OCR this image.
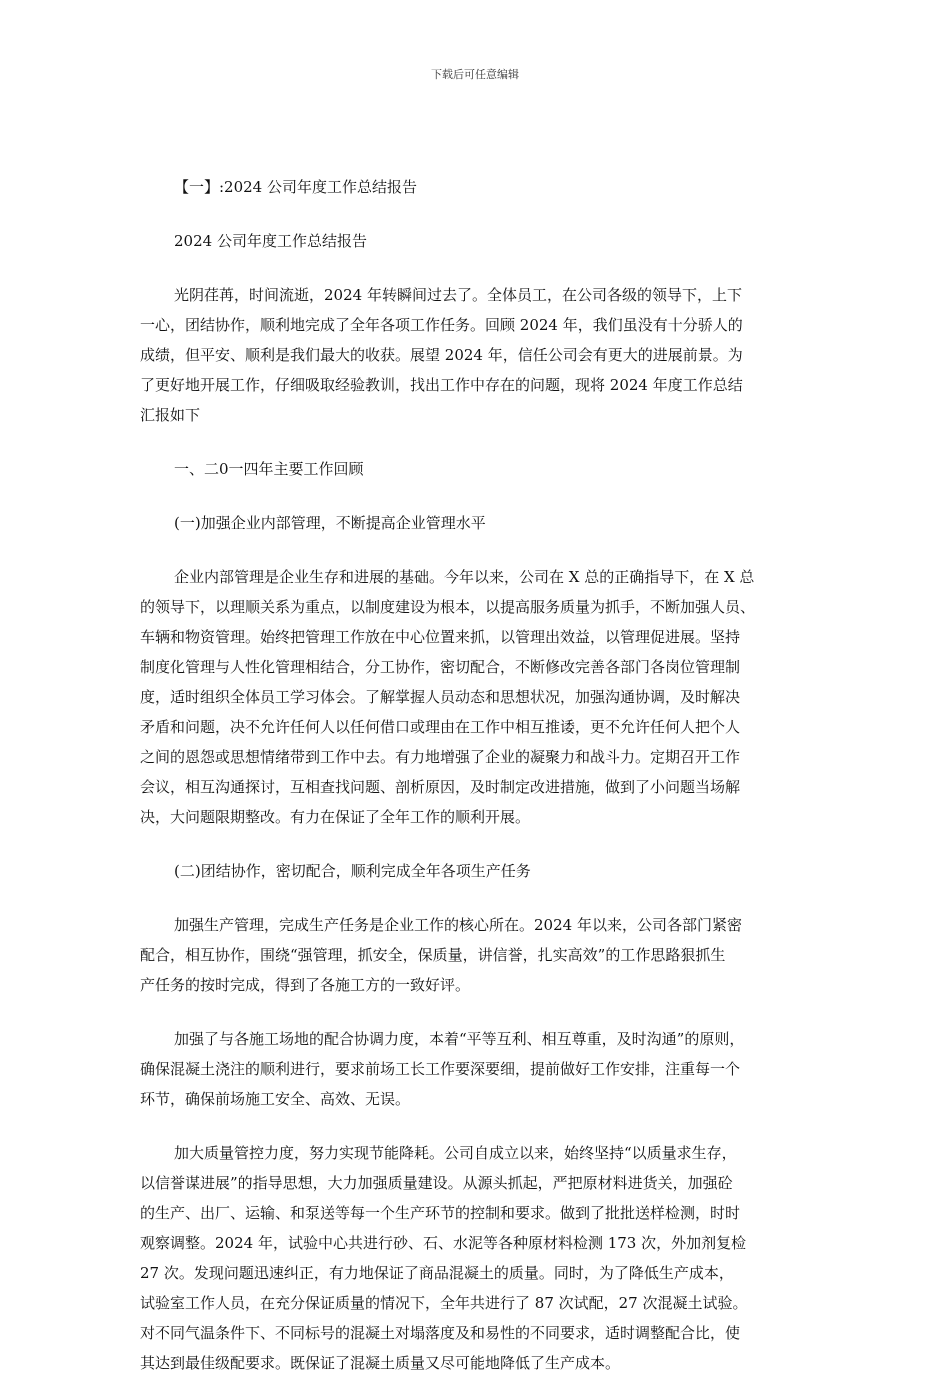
下载后可任意编辑
【一】:2024 公司年度工作总结报告
2024 公司年度工作总结报告
光阴荏苒，时间流逝，2024 年转瞬间过去了。全体员工，在公司各级的领导下，上下
一心，团结协作，顺利地完成了全年各项工作任务。回顾 2024 年，我们虽没有十分骄人的
成绩，但平安、顺利是我们最大的收获。展望 2024 年，信任公司会有更大的进展前景。为
了更好地开展工作，仔细吸取经验教训，找出工作中存在的问题，现将 2024 年度工作总结
汇报如下
一、二0一四年主要工作回顾
(一)加强企业内部管理，不断提高企业管理水平
企业内部管理是企业生存和进展的基础。今年以来，公司在 X 总的正确指导下，在 X 总
的领导下，以理顺关系为重点，以制度建设为根本，以提高服务质量为抓手，不断加强人员、
车辆和物资管理。始终把管理工作放在中心位置来抓，以管理出效益，以管理促进展。坚持
制度化管理与人性化管理相结合，分工协作，密切配合，不断修改完善各部门各岗位管理制
度，适时组织全体员工学习体会。了解掌握人员动态和思想状况，加强沟通协调，及时解决
矛盾和问题，决不允许任何人以任何借口或理由在工作中相互推诿，更不允许任何人把个人
之间的恩怨或思想情绪带到工作中去。有力地增强了企业的凝聚力和战斗力。定期召开工作
会议，相互沟通探讨，互相查找问题、剖析原因，及时制定改进措施，做到了小问题当场解
决，大问题限期整改。有力在保证了全年工作的顺利开展。
(二)团结协作，密切配合，顺利完成全年各项生产任务
加强生产管理，完成生产任务是企业工作的核心所在。2024 年以来，公司各部门紧密
配合，相互协作，围绕“强管理，抓安全，保质量，讲信誉，扎实高效”的工作思路狠抓生
产任务的按时完成，得到了各施工方的一致好评。
加强了与各施工场地的配合协调力度，本着“平等互利、相互尊重，及时沟通”的原则，
确保混凝土浇注的顺利进行，要求前场工长工作要深要细，提前做好工作安排，注重每一个
环节，确保前场施工安全、高效、无误。
加大质量管控力度，努力实现节能降耗。公司自成立以来，始终坚持“以质量求生存，
以信誉谋进展”的指导思想，大力加强质量建设。从源头抓起，严把原材料进货关，加强砼
的生产、出厂、运输、和泵送等每一个生产环节的控制和要求。做到了批批送样检测，时时
观察调整。2024 年，试验中心共进行砂、石、水泥等各种原材料检测 173 次，外加剂复检
27 次。发现问题迅速纠正，有力地保证了商品混凝土的质量。同时，为了降低生产成本，
试验室工作人员，在充分保证质量的情况下，全年共进行了 87 次试配，27 次混凝土试验。
对不同气温条件下、不同标号的混凝土对塌落度及和易性的不同要求，适时调整配合比，使
其达到最佳级配要求。既保证了混凝土质量又尽可能地降低了生产成本。
